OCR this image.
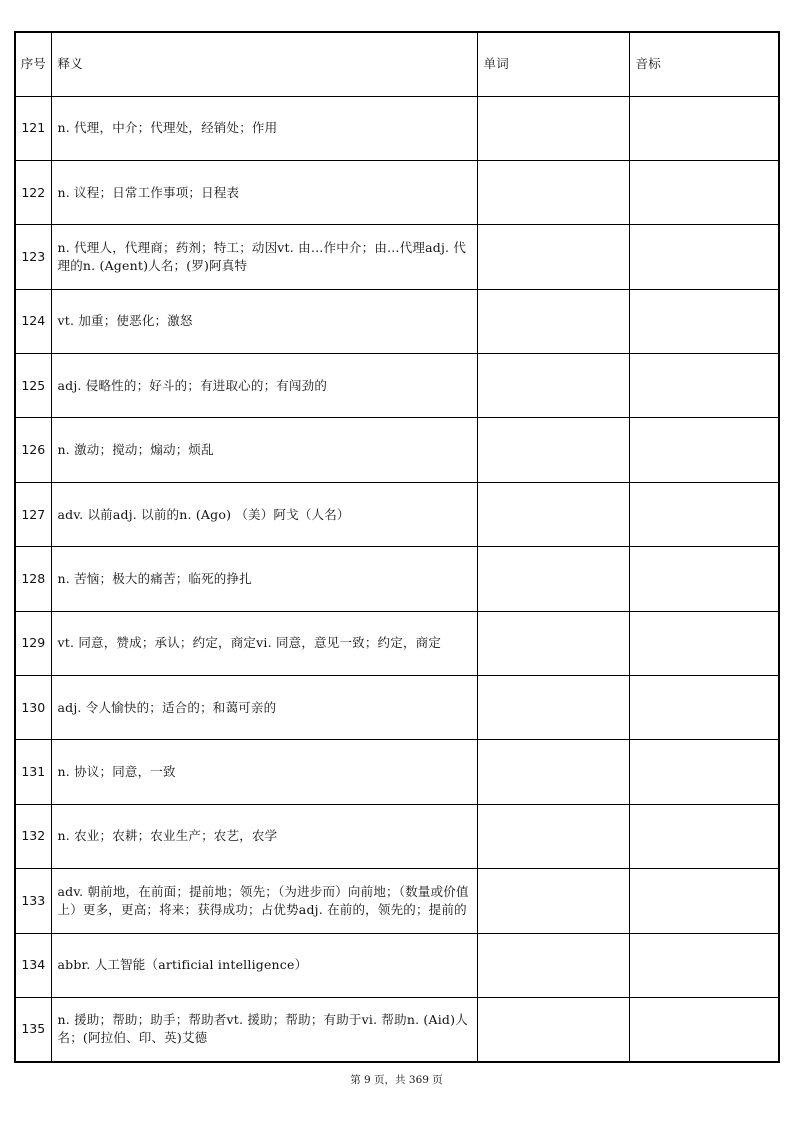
序号	释义	单词	音标
121	n. 代理，中介；代理处，经销处；作用		
122	n. 议程；日常工作事项；日程表		
123	n. 代理人，代理商；药剂；特工；动因vt. 由…作中介；由…代理adj. 代理的n. (Agent)人名；(罗)阿真特		
124	vt. 加重；使恶化；激怒		
125	adj. 侵略性的；好斗的；有进取心的；有闯劲的		
126	n. 激动；搅动；煽动；烦乱		
127	adv. 以前adj. 以前的n. (Ago) （美）阿戈（人名）		
128	n. 苦恼；极大的痛苦；临死的挣扎		
129	vt. 同意，赞成；承认；约定，商定vi. 同意，意见一致；约定，商定		
130	adj. 令人愉快的；适合的；和蔼可亲的		
131	n. 协议；同意，一致		
132	n. 农业；农耕；农业生产；农艺，农学		
133	adv. 朝前地，在前面；提前地；领先；（为进步而）向前地；（数量或价值上）更多，更高；将来；获得成功；占优势adj. 在前的，领先的；提前的		
134	abbr. 人工智能（artificial intelligence）		
135	n. 援助；帮助；助手；帮助者vt. 援助；帮助；有助于vi. 帮助n. (Aid)人名；(阿拉伯、印、英)艾德		
第 9 页，共 369 页
